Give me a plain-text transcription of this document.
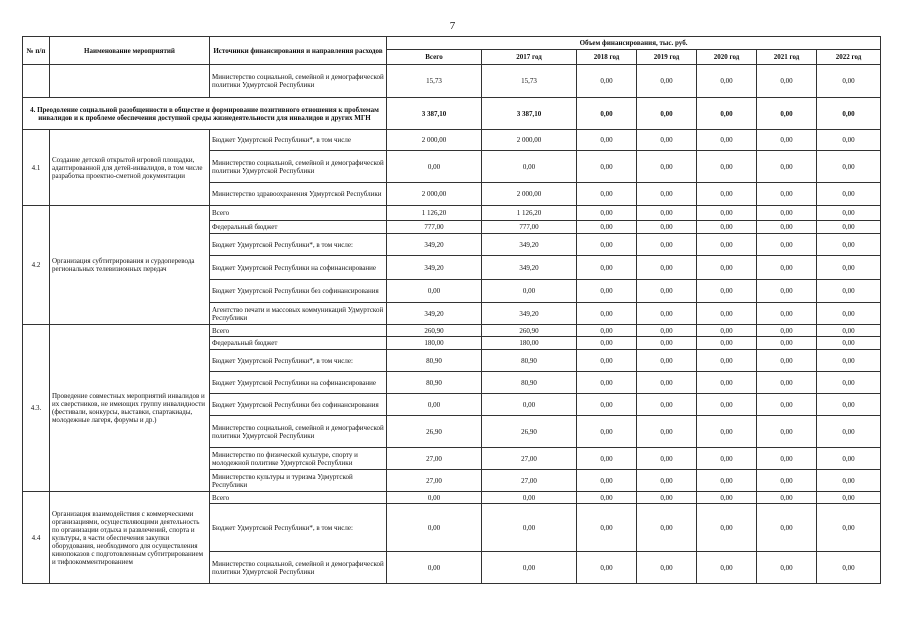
7
№ п/п	Наименование мероприятий	Источники финансирования и направления расходов	Объем финансирования, тыс. руб.						
			Всего	2017 год	2018 год	2019 год	2020 год	2021 год	2022 год
		Министерство социальной, семейной и демографической политики Удмуртской Республики	15,73	15,73	0,00	0,00	0,00	0,00	0,00
4. Преодоление социальной разобщенности в обществе и формирование позитивного отношения к проблемам инвалидов и к проблеме обеспечения доступной среды жизнедеятельности для инвалидов и других МГН			3 387,10	3 387,10	0,00	0,00	0,00	0,00	0,00
4.1	Создание детской открытой игровой площадки, адаптированной для детей-инвалидов, в том числе разработка проектно-сметной документации	Бюджет Удмуртской Республики*, в том числе	2 000,00	2 000,00	0,00	0,00	0,00	0,00	0,00
		Министерство социальной, семейной и демографической политики Удмуртской Республики	0,00	0,00	0,00	0,00	0,00	0,00	0,00
		Министерство здравоохранения Удмуртской Республики	2 000,00	2 000,00	0,00	0,00	0,00	0,00	0,00
4.2	Организация субтитрирования и сурдоперевода региональных телевизионных передач	Всего	1 126,20	1 126,20	0,00	0,00	0,00	0,00	0,00
		Федеральный бюджет	777,00	777,00	0,00	0,00	0,00	0,00	0,00
		Бюджет Удмуртской Республики*, в том числе:	349,20	349,20	0,00	0,00	0,00	0,00	0,00
		Бюджет Удмуртской Республики на софинансирование	349,20	349,20	0,00	0,00	0,00	0,00	0,00
		Бюджет Удмуртской Республики без софинансирования	0,00	0,00	0,00	0,00	0,00	0,00	0,00
		Агентство печати и массовых коммуникаций Удмуртской Республики	349,20	349,20	0,00	0,00	0,00	0,00	0,00
4.3.	Проведение совместных мероприятий инвалидов и их сверстников, не имеющих группу инвалидности (фестивали, конкурсы, выставки, спартакиады, молодежные лагеря, форумы и др.)	Всего	260,90	260,90	0,00	0,00	0,00	0,00	0,00
		Федеральный бюджет	180,00	180,00	0,00	0,00	0,00	0,00	0,00
		Бюджет Удмуртской Республики*, в том числе:	80,90	80,90	0,00	0,00	0,00	0,00	0,00
		Бюджет Удмуртской Республики на софинансирование	80,90	80,90	0,00	0,00	0,00	0,00	0,00
		Бюджет Удмуртской Республики без софинансирования	0,00	0,00	0,00	0,00	0,00	0,00	0,00
		Министерство социальной, семейной и демографической политики Удмуртской Республики	26,90	26,90	0,00	0,00	0,00	0,00	0,00
		Министерство по физической культуре, спорту и молодежной политике Удмуртской Республики	27,00	27,00	0,00	0,00	0,00	0,00	0,00
		Министерство культуры и туризма Удмуртской Республики	27,00	27,00	0,00	0,00	0,00	0,00	0,00
4.4	Организация взаимодействия с коммерческими организациями, осуществляющими деятельность по организации отдыха и развлечений, спорта и культуры, в части обеспечения закупки оборудования, необходимого для осуществления кинопоказов с подготовленным субтитрированием и тифлокомментированием	Всего	0,00	0,00	0,00	0,00	0,00	0,00	0,00
		Бюджет Удмуртской Республики*, в том числе:	0,00	0,00	0,00	0,00	0,00	0,00	0,00
		Министерство социальной, семейной и демографической политики Удмуртской Республики	0,00	0,00	0,00	0,00	0,00	0,00	0,00
